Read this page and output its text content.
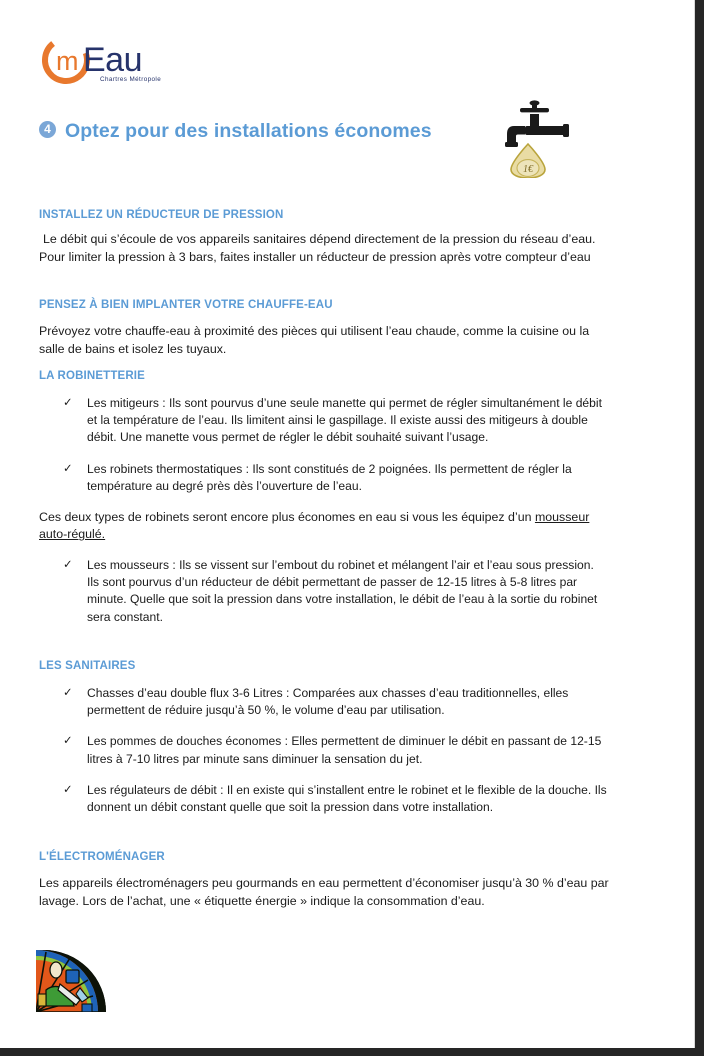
m Eau
Chartres Métropole
4 Optez pour des installations économes
1€
INSTALLEZ UN RÉDUCTEUR DE PRESSION

Le débit qui s’écoule de vos appareils sanitaires dépend directement de la pression du réseau d’eau. Pour limiter la pression à 3 bars, faites installer un réducteur de pression après votre compteur d’eau

PENSEZ À BIEN IMPLANTER VOTRE CHAUFFE-EAU

Prévoyez votre chauffe-eau à proximité des pièces qui utilisent l’eau chaude, comme la cuisine ou la salle de bains et isolez les tuyaux.

LA ROBINETTERIE
✓ Les mitigeurs : Ils sont pourvus d’une seule manette qui permet de régler simultanément le débit et la température de l’eau. Ils limitent ainsi le gaspillage. Il existe aussi des mitigeurs à double débit. Une manette vous permet de régler le débit souhaité suivant l’usage.
✓ Les robinets thermostatiques : Ils sont constitués de 2 poignées. Ils permettent de régler la température au degré près dès l’ouverture de l’eau.

Ces deux types de robinets seront encore plus économes en eau si vous les équipez d’un mousseur auto-régulé.

✓ Les mousseurs : Ils se vissent sur l’embout du robinet et mélangent l’air et l’eau sous pression. Ils sont pourvus d’un réducteur de débit permettant de passer de 12-15 litres à 5-8 litres par minute. Quelle que soit la pression dans votre installation, le débit de l’eau à la sortie du robinet sera constant.
LES SANITAIRES
✓ Chasses d’eau double flux 3-6 Litres : Comparées aux chasses d’eau traditionnelles, elles permettent de réduire jusqu’à 50 %, le volume d’eau par utilisation.
✓ Les pommes de douches économes : Elles permettent de diminuer le débit en passant de 12-15 litres à 7-10 litres par minute sans diminuer la sensation du jet.
✓ Les régulateurs de débit : Il en existe qui s’installent entre le robinet et le flexible de la douche. Ils donnent un débit constant quelle que soit la pression dans votre installation.
L'ÉLECTROMÉNAGER

Les appareils électroménagers peu gourmands en eau permettent d’économiser jusqu’à 30 % d’eau par lavage. Lors de l’achat, une « étiquette énergie » indique la consommation d’eau.
